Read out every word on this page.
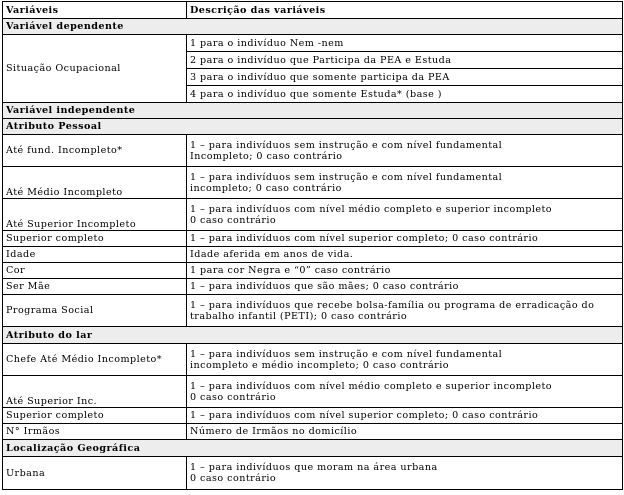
Variáveis	Descrição das variáveis
Variável dependente	
Situação Ocupacional	1 para o indivíduo Nem -nem
	2 para o indivíduo que Participa da PEA e Estuda
	3 para o indivíduo que somente participa da PEA
	4 para o indivíduo que somente Estuda* (base )
Variável independente	
Atributo Pessoal	
Até fund. Incompleto*	1 – para indivíduos sem instrução e com nível fundamental
Incompleto; 0 caso contrário
Até Médio Incompleto	1 – para indivíduos sem instrução e com nível fundamental
incompleto; 0 caso contrário
Até Superior Incompleto	1 – para indivíduos com nível médio completo e superior incompleto
0 caso contrário
Superior completo	1 – para indivíduos com nível superior completo; 0 caso contrário
Idade	Idade aferida em anos de vida.
Cor	1 para cor Negra e “0” caso contrário
Ser Mãe	1 – para indivíduos que são mães; 0 caso contrário
Programa Social	1 – para indivíduos que recebe bolsa-família ou programa de erradicação do
trabalho infantil (PETI); 0 caso contrário
Atributo do lar	
Chefe Até Médio Incompleto*	1 – para indivíduos sem instrução e com nível fundamental
incompleto e médio incompleto; 0 caso contrário
Até Superior Inc.	1 – para indivíduos com nível médio completo e superior incompleto
0 caso contrário
Superior completo	1 – para indivíduos com nível superior completo; 0 caso contrário
N° Irmãos	Número de Irmãos no domicílio
Localização Geográfica	
Urbana	1 – para indivíduos que moram na área urbana
0 caso contrário
